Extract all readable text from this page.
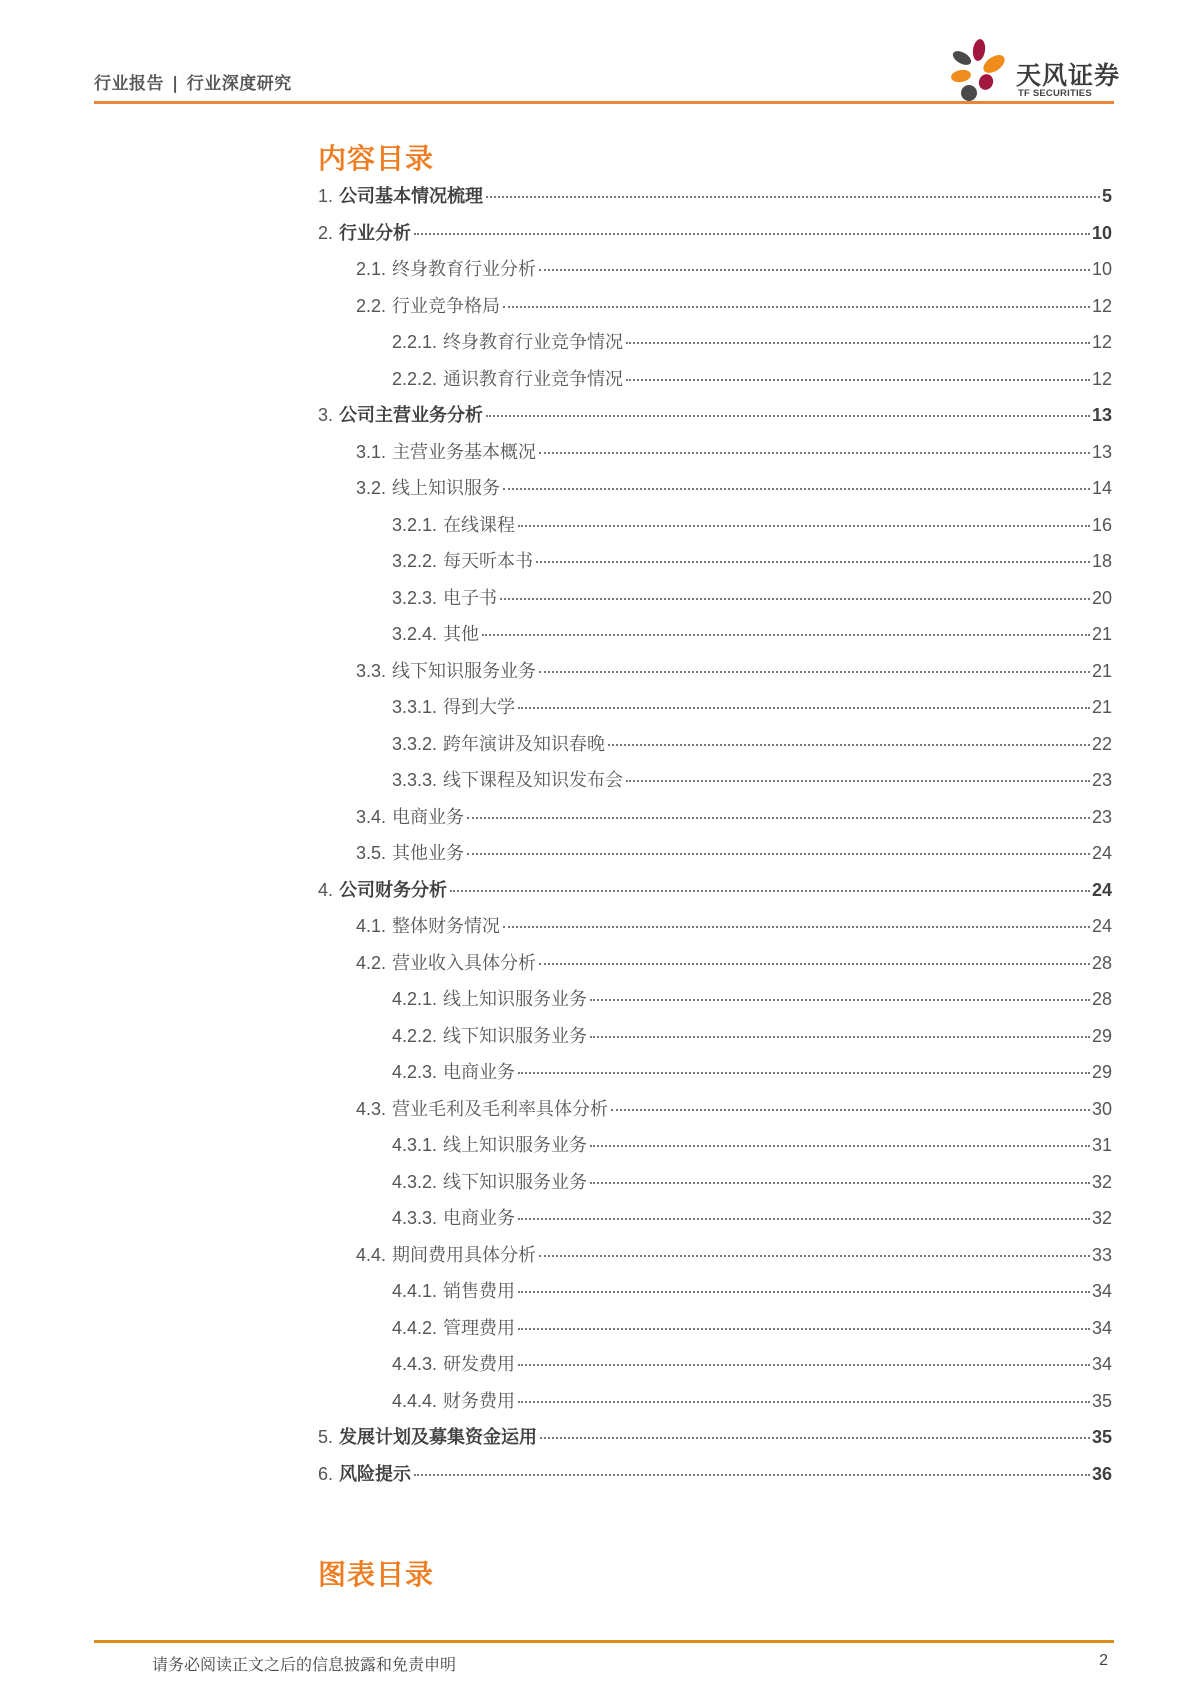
行业报告 | 行业深度研究	天风证券
TF SECURITIES
内容目录
1. 公司基本情况梳理	5
2. 行业分析	10
2.1. 终身教育行业分析	10
2.2. 行业竞争格局	12
2.2.1. 终身教育行业竞争情况	12
2.2.2. 通识教育行业竞争情况	12
3. 公司主营业务分析	13
3.1. 主营业务基本概况	13
3.2. 线上知识服务	14
3.2.1. 在线课程	16
3.2.2. 每天听本书	18
3.2.3. 电子书	20
3.2.4. 其他	21
3.3. 线下知识服务业务	21
3.3.1. 得到大学	21
3.3.2. 跨年演讲及知识春晚	22
3.3.3. 线下课程及知识发布会	23
3.4. 电商业务	23
3.5. 其他业务	24
4. 公司财务分析	24
4.1. 整体财务情况	24
4.2. 营业收入具体分析	28
4.2.1. 线上知识服务业务	28
4.2.2. 线下知识服务业务	29
4.2.3. 电商业务	29
4.3. 营业毛利及毛利率具体分析	30
4.3.1. 线上知识服务业务	31
4.3.2. 线下知识服务业务	32
4.3.3. 电商业务	32
4.4. 期间费用具体分析	33
4.4.1. 销售费用	34
4.4.2. 管理费用	34
4.4.3. 研发费用	34
4.4.4. 财务费用	35
5. 发展计划及募集资金运用	35
6. 风险提示	36
图表目录
请务必阅读正文之后的信息披露和免责申明	2
